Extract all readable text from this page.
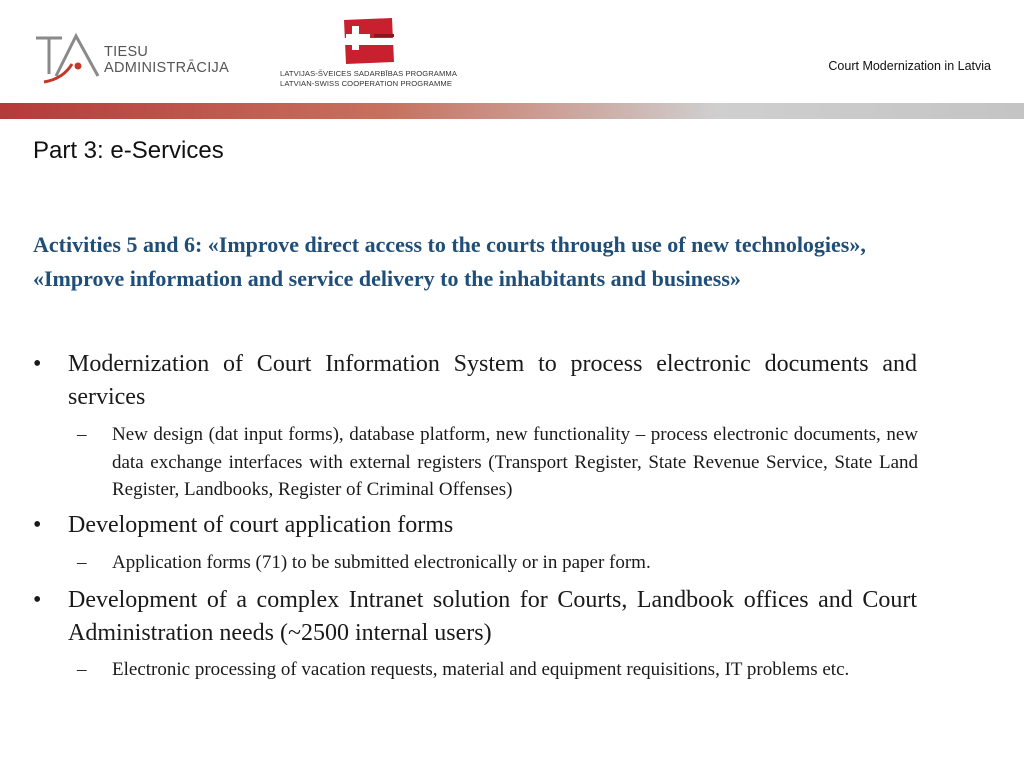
TIESU
ADMINISTRĀCIJA	LATVIJAS-ŠVEICES SADARBĪBAS PROGRAMMA
LATVIAN-SWISS COOPERATION PROGRAMME
Court Modernization in Latvia
Part 3: e-Services

Activities 5 and 6: «Improve direct access to the courts through use of new technologies», «Improve information and service delivery to the inhabitants and business»

• Modernization of Court Information System to process electronic documents and services
– New design (dat input forms), database platform, new functionality – process electronic documents, new data exchange interfaces with external registers (Transport Register, State Revenue Service, State Land Register, Landbooks, Register of Criminal Offenses)
• Development of court application forms
– Application forms (71) to be submitted electronically or in paper form.
• Development of a complex Intranet solution for Courts, Landbook offices and Court Administration needs (~2500 internal users)
– Electronic processing of vacation requests, material and equipment requisitions, IT problems etc.
